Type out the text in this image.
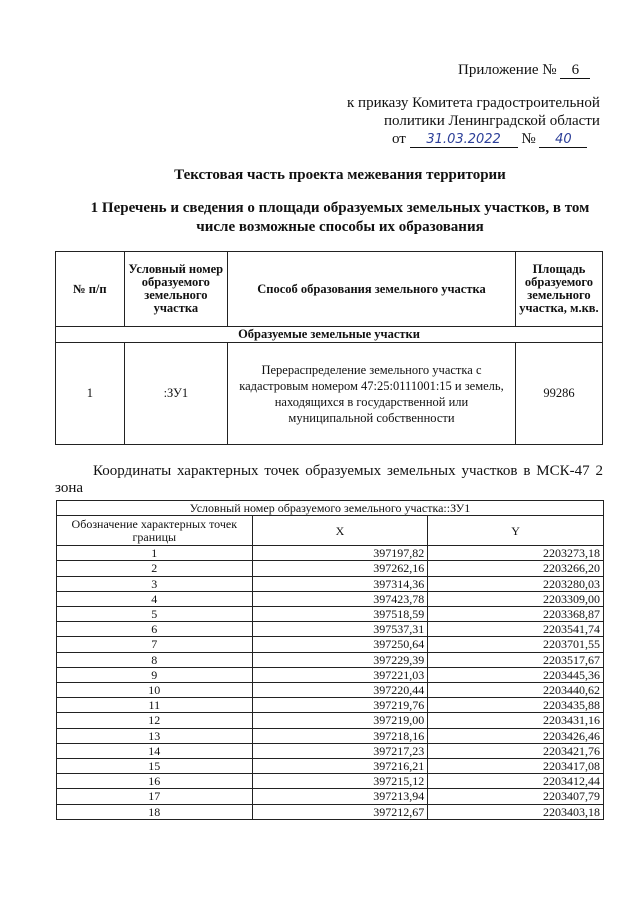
Приложение № 6
к приказу Комитета градостроительной
политики Ленинградской области
от 31.03.2022 № 40
Текстовая часть проекта межевания территории
1 Перечень и сведения о площади образуемых земельных участков, в том
числе возможные способы их образования
№ п/п	Условный номер образуемого земельного участка	Способ образования земельного участка	Площадь образуемого земельного участка, м.кв.
Образуемые земельные участки			
1	:ЗУ1	Перераспределение земельного участка с кадастровым номером 47:25:0111001:15 и земель, находящихся в государственной или муниципальной собственности	99286
Координаты характерных точек образуемых земельных участков в МСК-47 2 зона
Условный номер образуемого земельного участка::ЗУ1		
Обозначение характерных точек границы	X	Y
1	397197,82	2203273,18
2	397262,16	2203266,20
3	397314,36	2203280,03
4	397423,78	2203309,00
5	397518,59	2203368,87
6	397537,31	2203541,74
7	397250,64	2203701,55
8	397229,39	2203517,67
9	397221,03	2203445,36
10	397220,44	2203440,62
11	397219,76	2203435,88
12	397219,00	2203431,16
13	397218,16	2203426,46
14	397217,23	2203421,76
15	397216,21	2203417,08
16	397215,12	2203412,44
17	397213,94	2203407,79
18	397212,67	2203403,18
